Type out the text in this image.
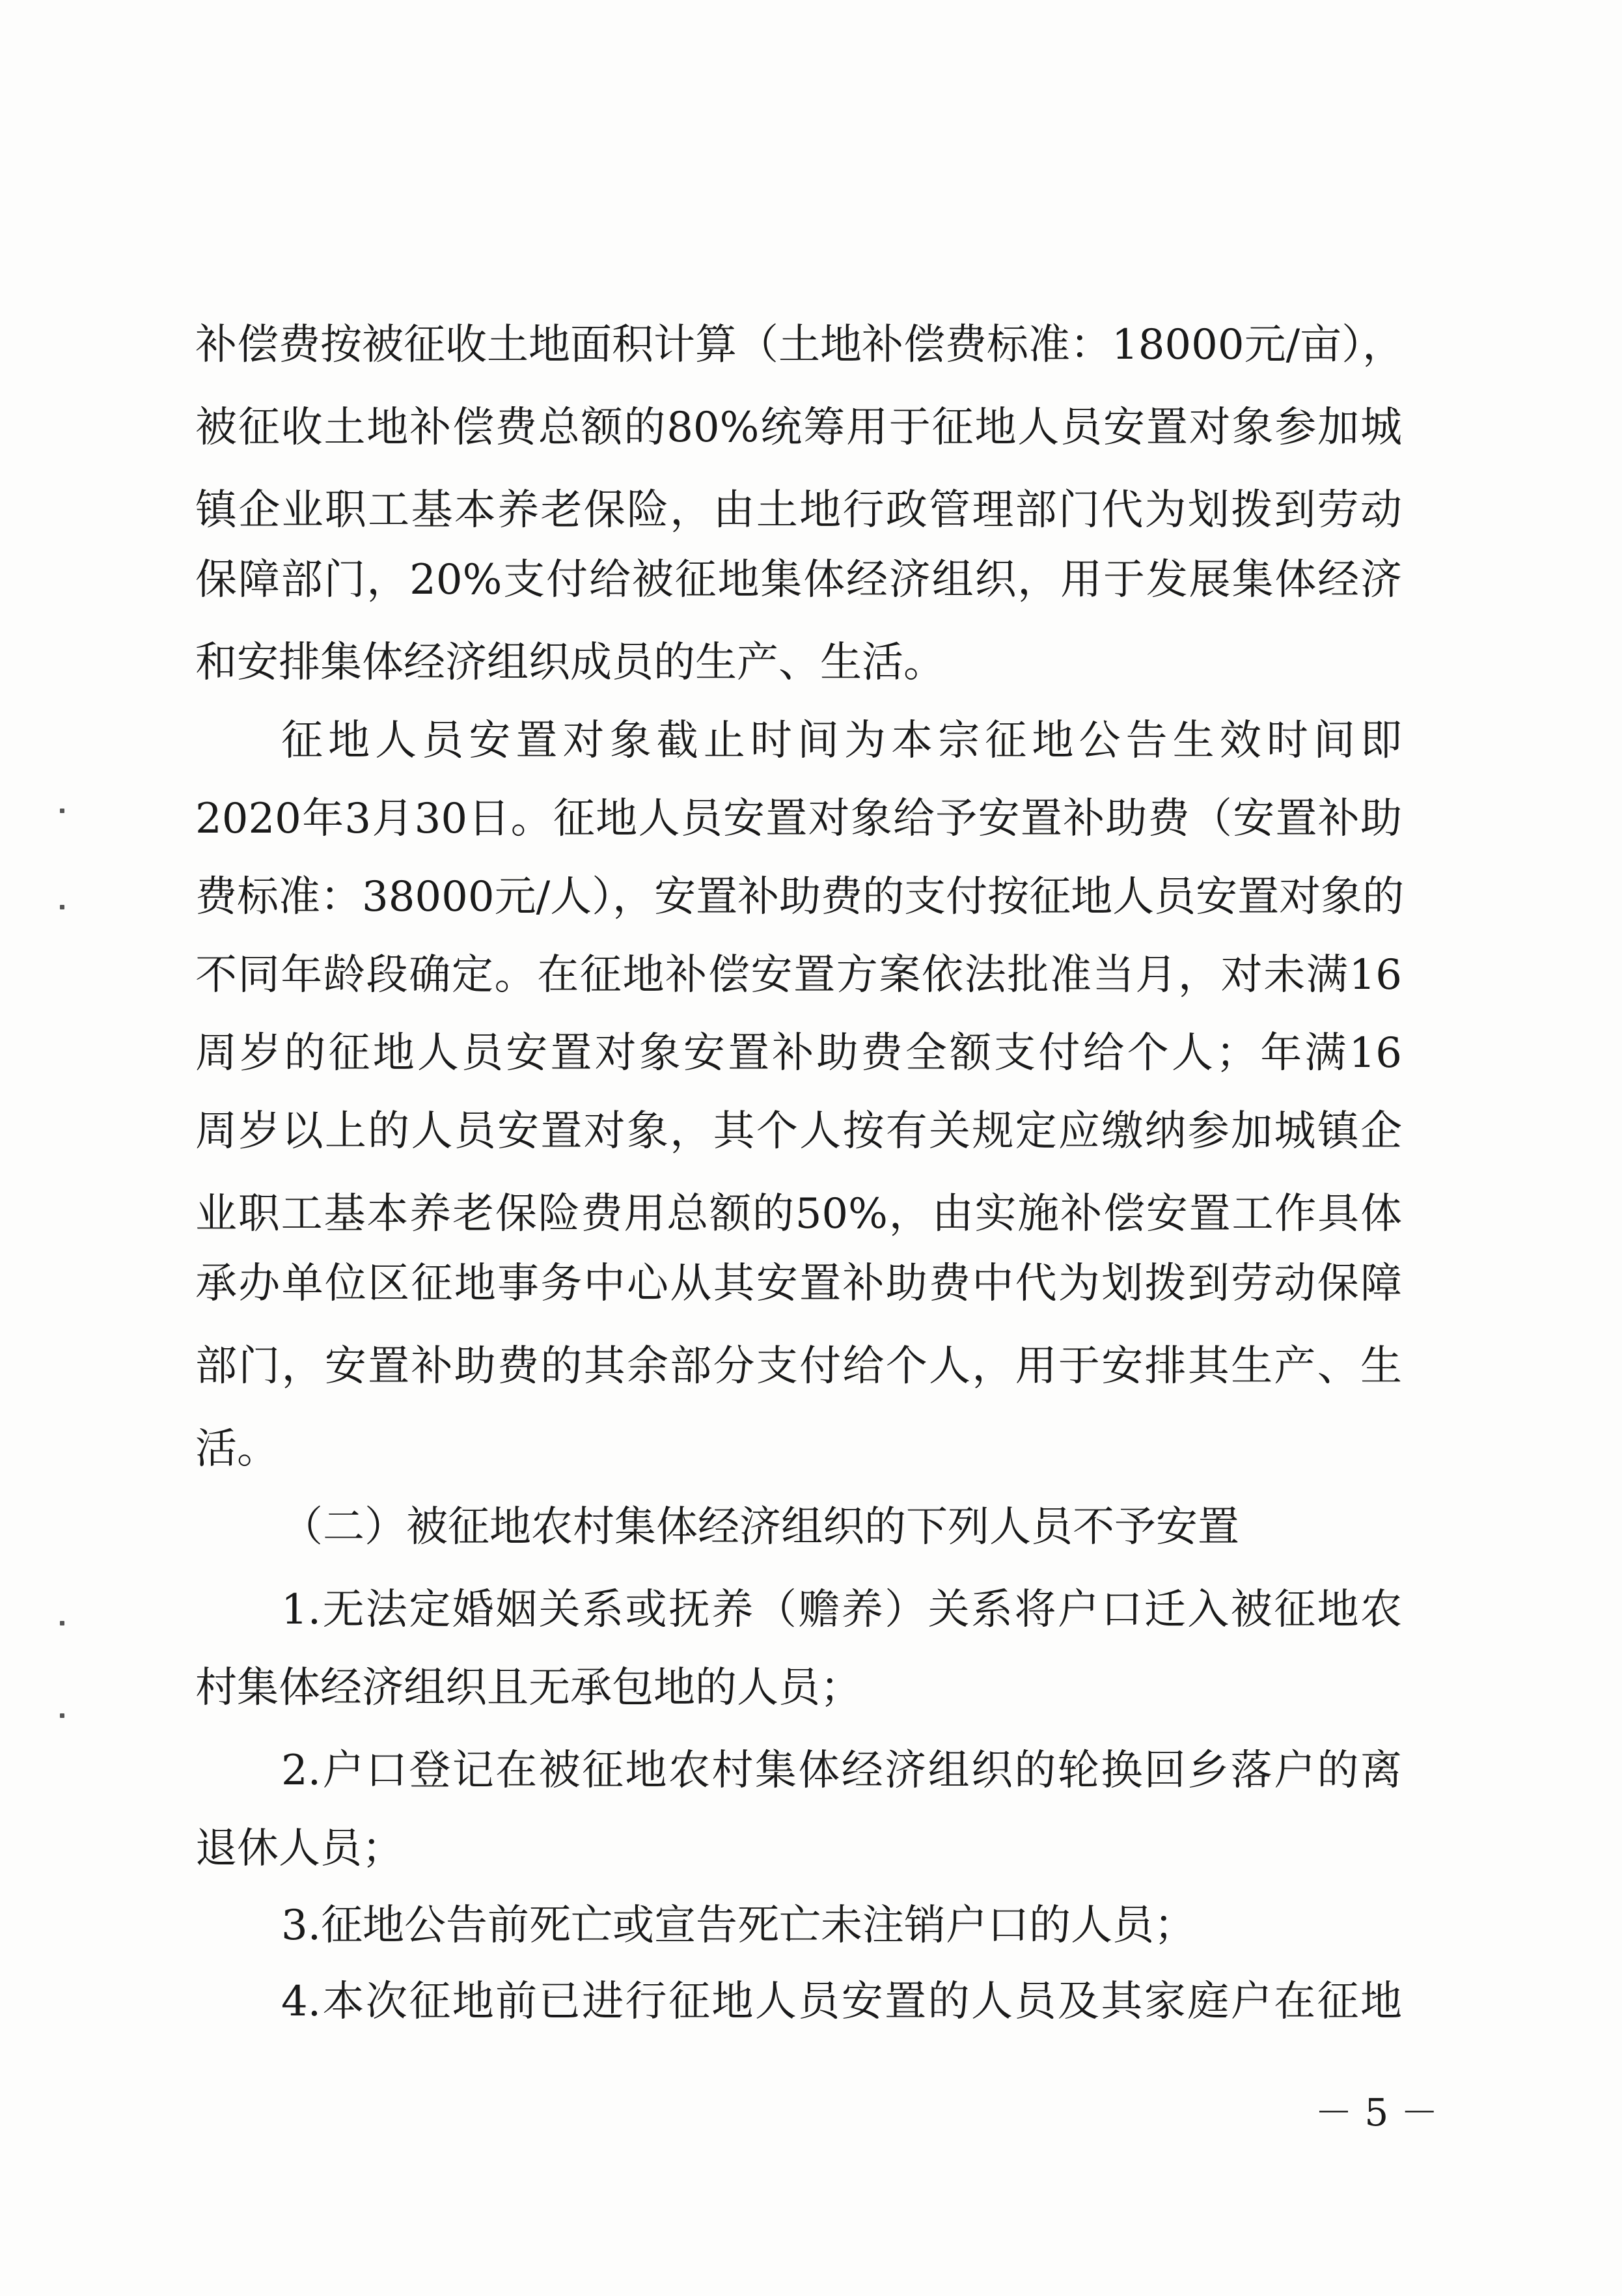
补偿费按被征收土地面积计算（土地补偿费标准：18000元/亩），
被征收土地补偿费总额的80%统筹用于征地人员安置对象参加城
镇企业职工基本养老保险，由土地行政管理部门代为划拨到劳动
保障部门，20%支付给被征地集体经济组织，用于发展集体经济
和安排集体经济组织成员的生产、生活。
征地人员安置对象截止时间为本宗征地公告生效时间即
2020年3月30日。征地人员安置对象给予安置补助费（安置补助
费标准：38000元/人），安置补助费的支付按征地人员安置对象的
不同年龄段确定。在征地补偿安置方案依法批准当月，对未满16
周岁的征地人员安置对象安置补助费全额支付给个人；年满16
周岁以上的人员安置对象，其个人按有关规定应缴纳参加城镇企
业职工基本养老保险费用总额的50%，由实施补偿安置工作具体
承办单位区征地事务中心从其安置补助费中代为划拨到劳动保障
部门，安置补助费的其余部分支付给个人，用于安排其生产、生
活。
（二）被征地农村集体经济组织的下列人员不予安置
1.无法定婚姻关系或抚养（赡养）关系将户口迁入被征地农
村集体经济组织且无承包地的人员；
2.户口登记在被征地农村集体经济组织的轮换回乡落户的离
退休人员；
3.征地公告前死亡或宣告死亡未注销户口的人员；
4.本次征地前已进行征地人员安置的人员及其家庭户在征地
－ 5 －
